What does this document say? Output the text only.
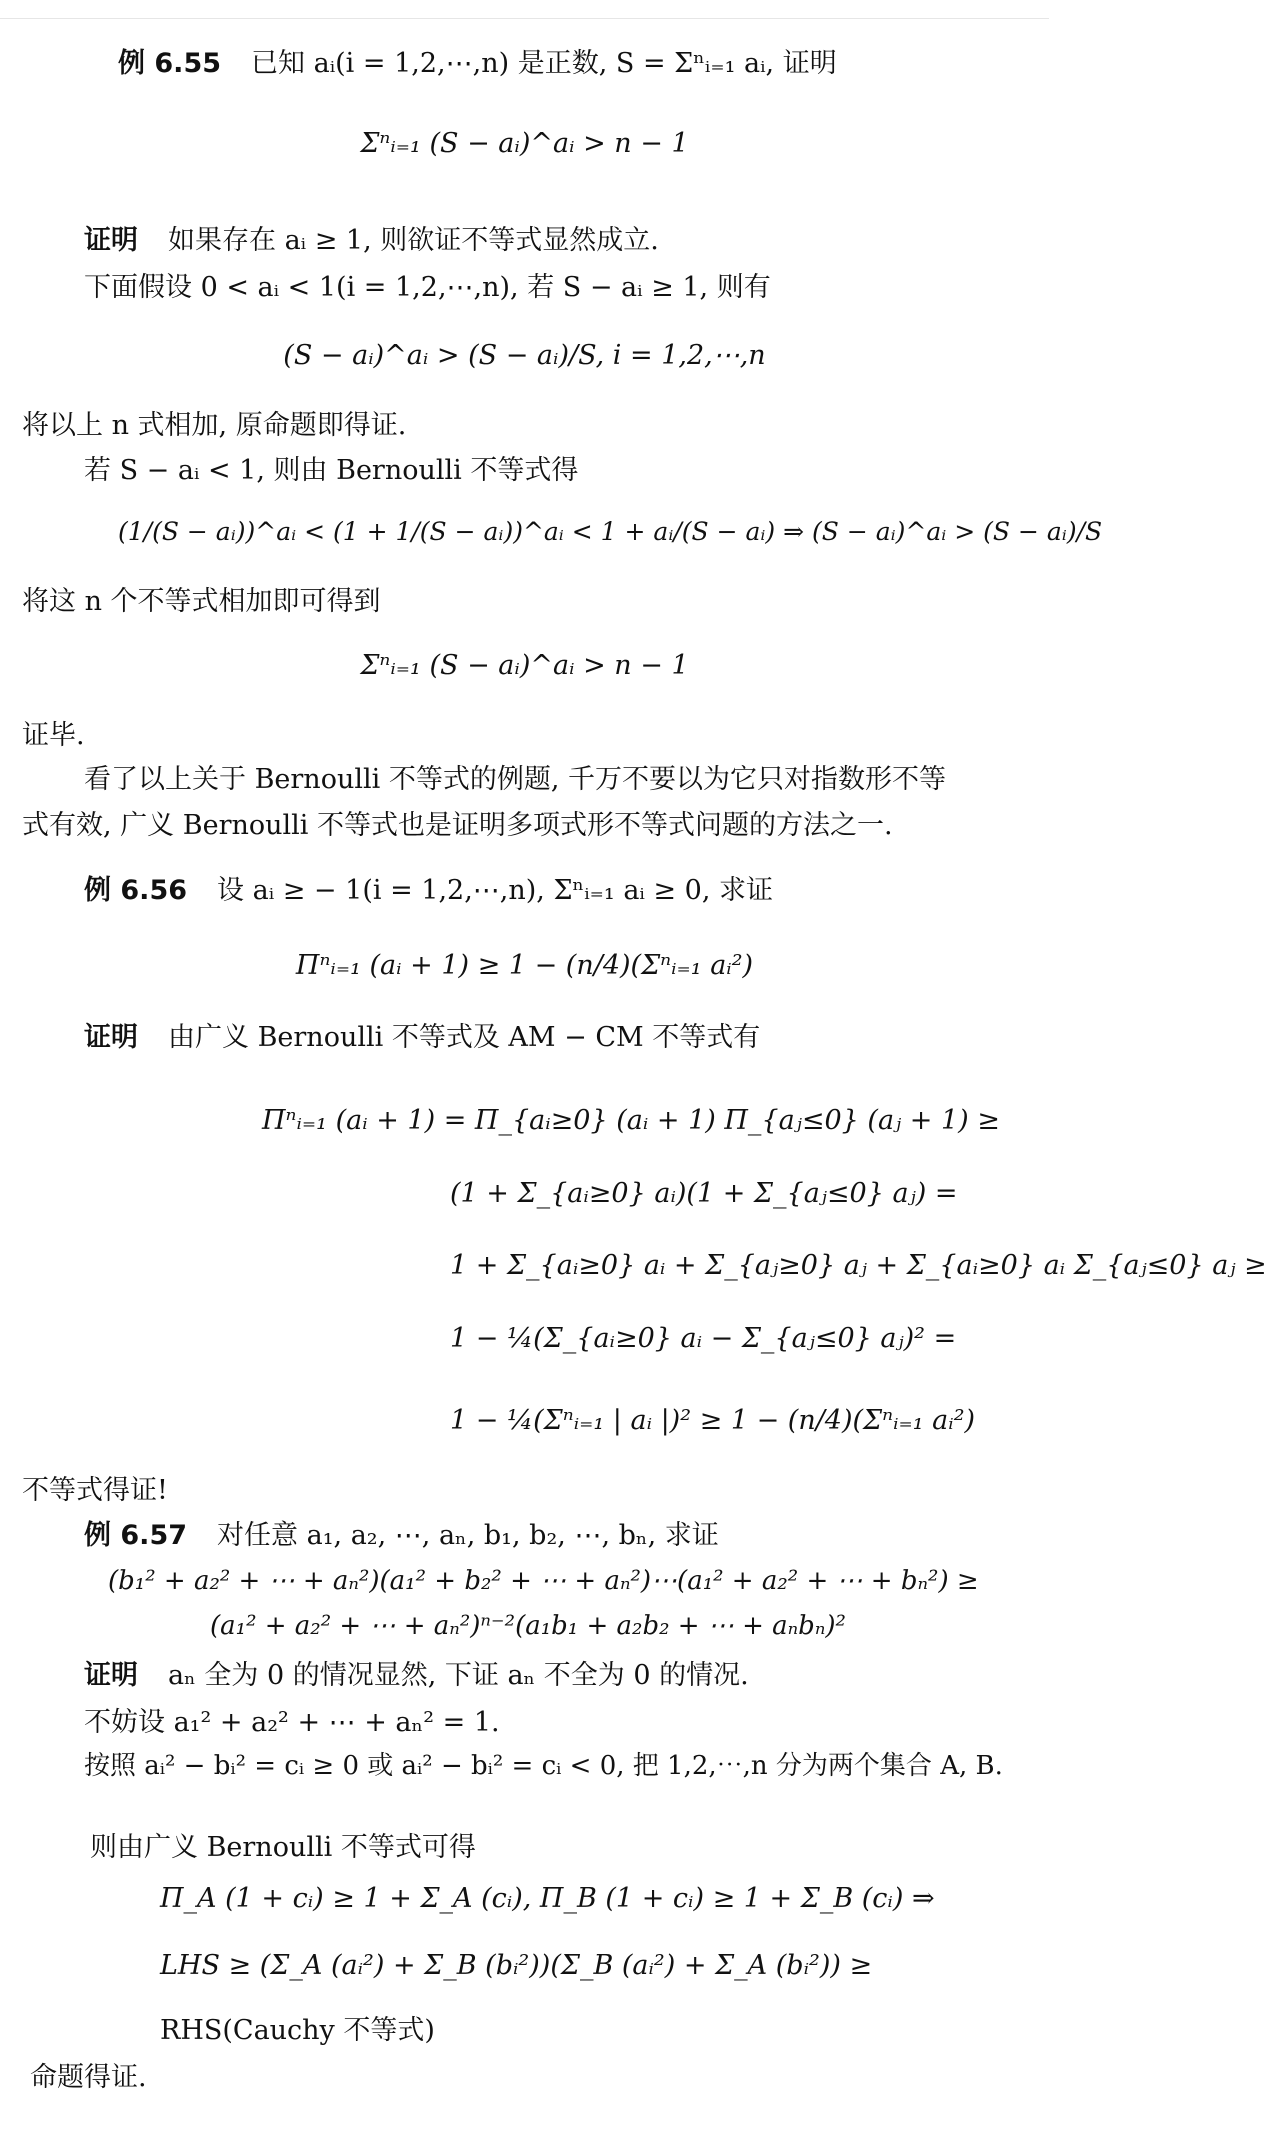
例 6.55 已知 aᵢ(i = 1,2,⋯,n) 是正数, S = Σⁿᵢ₌₁ aᵢ, 证明
Σⁿᵢ₌₁ (S − aᵢ)^aᵢ > n − 1
证明 如果存在 aᵢ ≥ 1, 则欲证不等式显然成立.
下面假设 0 < aᵢ < 1(i = 1,2,⋯,n), 若 S − aᵢ ≥ 1, 则有
(S − aᵢ)^aᵢ > (S − aᵢ)/S, i = 1,2,⋯,n
将以上 n 式相加, 原命题即得证.
若 S − aᵢ < 1, 则由 Bernoulli 不等式得
(1/(S − aᵢ))^aᵢ < (1 + 1/(S − aᵢ))^aᵢ < 1 + aᵢ/(S − aᵢ) ⇒ (S − aᵢ)^aᵢ > (S − aᵢ)/S
将这 n 个不等式相加即可得到
Σⁿᵢ₌₁ (S − aᵢ)^aᵢ > n − 1
证毕.
看了以上关于 Bernoulli 不等式的例题, 千万不要以为它只对指数形不等
式有效, 广义 Bernoulli 不等式也是证明多项式形不等式问题的方法之一.
例 6.56 设 aᵢ ≥ − 1(i = 1,2,⋯,n), Σⁿᵢ₌₁ aᵢ ≥ 0, 求证
Πⁿᵢ₌₁ (aᵢ + 1) ≥ 1 − (n/4)(Σⁿᵢ₌₁ aᵢ²)
证明 由广义 Bernoulli 不等式及 AM − CM 不等式有
Πⁿᵢ₌₁ (aᵢ + 1) = Π_{aᵢ≥0} (aᵢ + 1) Π_{aⱼ≤0} (aⱼ + 1) ≥
(1 + Σ_{aᵢ≥0} aᵢ)(1 + Σ_{aⱼ≤0} aⱼ) =
1 + Σ_{aᵢ≥0} aᵢ + Σ_{aⱼ≥0} aⱼ + Σ_{aᵢ≥0} aᵢ Σ_{aⱼ≤0} aⱼ ≥
1 − ¼(Σ_{aᵢ≥0} aᵢ − Σ_{aⱼ≤0} aⱼ)² =
1 − ¼(Σⁿᵢ₌₁ | aᵢ |)² ≥ 1 − (n/4)(Σⁿᵢ₌₁ aᵢ²)
不等式得证!
例 6.57 对任意 a₁, a₂, ⋯, aₙ, b₁, b₂, ⋯, bₙ, 求证
(b₁² + a₂² + ⋯ + aₙ²)(a₁² + b₂² + ⋯ + aₙ²)⋯(a₁² + a₂² + ⋯ + bₙ²) ≥
(a₁² + a₂² + ⋯ + aₙ²)ⁿ⁻²(a₁b₁ + a₂b₂ + ⋯ + aₙbₙ)²
证明 aₙ 全为 0 的情况显然, 下证 aₙ 不全为 0 的情况.
不妨设 a₁² + a₂² + ⋯ + aₙ² = 1.
按照 aᵢ² − bᵢ² = cᵢ ≥ 0 或 aᵢ² − bᵢ² = cᵢ < 0, 把 1,2,⋯,n 分为两个集合 A, B.
则由广义 Bernoulli 不等式可得
Π_A (1 + cᵢ) ≥ 1 + Σ_A (cᵢ), Π_B (1 + cᵢ) ≥ 1 + Σ_B (cᵢ) ⇒
LHS ≥ (Σ_A (aᵢ²) + Σ_B (bᵢ²))(Σ_B (aᵢ²) + Σ_A (bᵢ²)) ≥
RHS(Cauchy 不等式)
命题得证.
